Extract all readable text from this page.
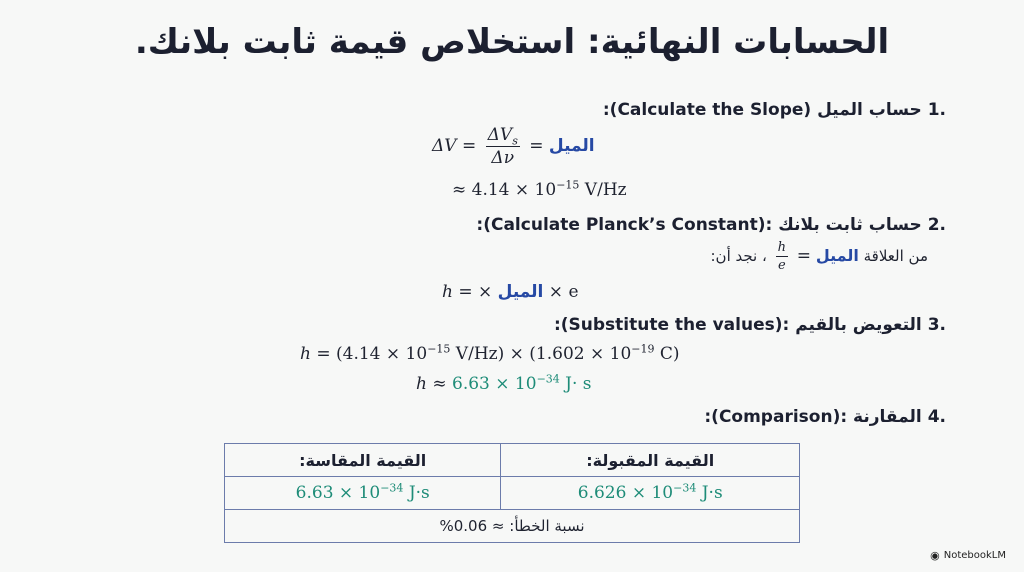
الحسابات النهائية: استخلاص قيمة ثابت بلانك.
.1 حساب الميل (Calculate the Slope):
$\Delta V = \frac{\Delta V_s}{\Delta\nu}$ = الميل
≈ $4.14 \times 10^{-15}$ V/Hz
.2 حساب ثابت بلانك :(Calculate Planck’s Constant):
من العلاقة الميل =
$\frac{h}{e}$
، نجد أن:
h = × الميل × e
.3 التعويض بالقيم :(Substitute the values):
$h = (4.14 \times 10^{-15}$ $V/Hz) \times (1.602 \times 10^{-19}$ C)
$h \approx 6.63 \times 10^{-34}$ J· s
.4 المقارنة :(Comparison):
القيمة المقاسة:	القيمة المقبولة:
$6.63 \times 10^{-34}$ J·s	$6.626 \times 10^{-34}$ J·s
نسبة الخطأ: ≈ 0.06%	
◉ NotebookLM
